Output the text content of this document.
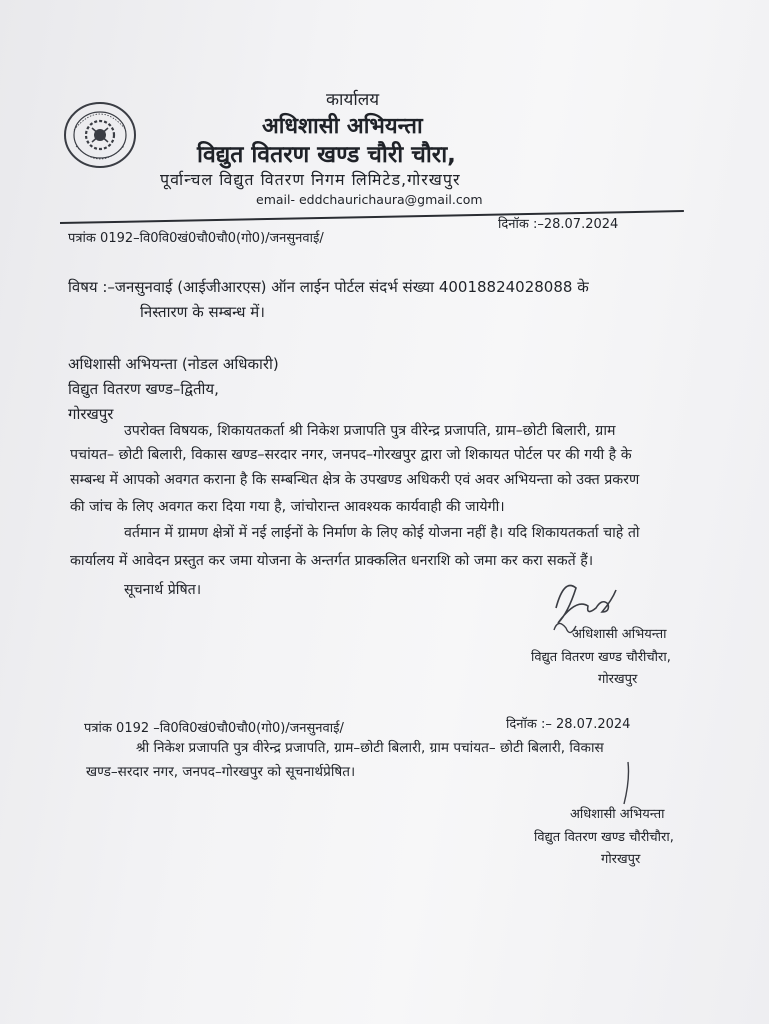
कार्यालय
अधिशासी अभियन्ता
विद्युत वितरण खण्ड चौरी चौरा,
पूर्वान्चल विद्युत वितरण निगम लिमिटेड,गोरखपुर
email- eddchaurichaura@gmail.com
पत्रांक 0192–वि0वि0खं0चौ0चौ0(गो0)/जनसुनवाई/
दिनॉक :–28.07.2024
विषय :–जनसुनवाई (आईजीआरएस) ऑन लाईन पोर्टल संदर्भ संख्या 40018824028088 के
निस्तारण के सम्बन्ध में।
अधिशासी अभियन्ता (नोडल अधिकारी)
विद्युत वितरण खण्ड–द्वितीय,
गोरखपुर
उपरोक्त विषयक, शिकायतकर्ता श्री निकेश प्रजापति पुत्र वीरेन्द्र प्रजापति, ग्राम–छोटी बिलारी, ग्राम
पचांयत– छोटी बिलारी, विकास खण्ड–सरदार नगर, जनपद–गोरखपुर द्वारा जो शिकायत पोर्टल पर की गयी है के
सम्बन्ध में आपको अवगत कराना है कि सम्बन्धित क्षेत्र के उपखण्ड अधिकरी एवं अवर अभियन्ता को उक्त प्रकरण
की जांच के लिए अवगत करा दिया गया है, जांचोरान्त आवश्यक कार्यवाही की जायेगी।
वर्तमान में ग्रामण क्षेत्रों में नई लाईनों के निर्माण के लिए कोई योजना नहीं है। यदि शिकायतकर्ता चाहे तो
कार्यालय में आवेदन प्रस्तुत कर जमा योजना के अन्तर्गत प्राक्कलित धनराशि को जमा कर करा सकतें हैं।
सूचनार्थ प्रेषित।
अधिशासी अभियन्ता
विद्युत वितरण खण्ड चौरीचौरा,
गोरखपुर
पत्रांक 0192 –वि0वि0खं0चौ0चौ0(गो0)/जनसुनवाई/	दिनॉक :– 28.07.2024
श्री निकेश प्रजापति पुत्र वीरेन्द्र प्रजापति, ग्राम–छोटी बिलारी, ग्राम पचांयत– छोटी बिलारी, विकास
खण्ड–सरदार नगर, जनपद–गोरखपुर को सूचनार्थप्रेषित।
अधिशासी अभियन्ता
विद्युत वितरण खण्ड चौरीचौरा,
गोरखपुर
